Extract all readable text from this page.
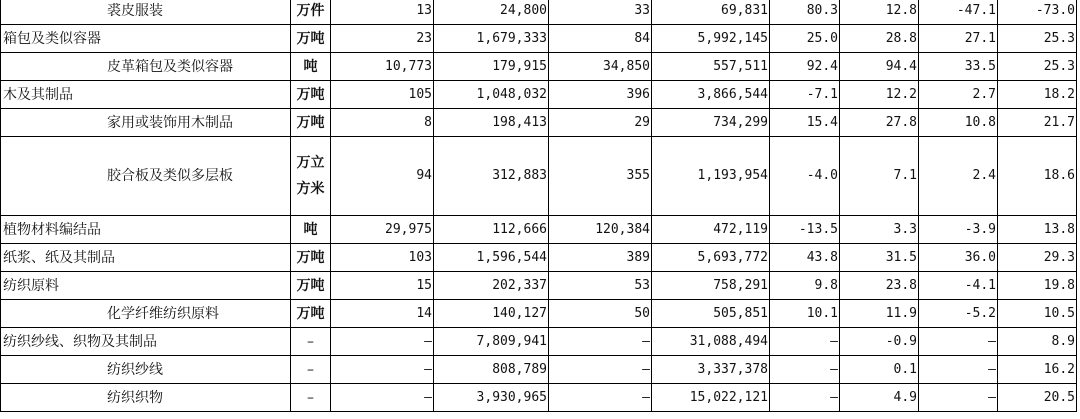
裘皮服装	万件	13	24,800	33	69,831	80.3	12.8	-47.1	-73.0
箱包及类似容器	万吨	23	1,679,333	84	5,992,145	25.0	28.8	27.1	25.3
皮革箱包及类似容器	吨	10,773	179,915	34,850	557,511	92.4	94.4	33.5	25.3
木及其制品	万吨	105	1,048,032	396	3,866,544	-7.1	12.2	2.7	18.2
家用或装饰用木制品	万吨	8	198,413	29	734,299	15.4	27.8	10.8	21.7
胶合板及类似多层板	万立方米	94	312,883	355	1,193,954	-4.0	7.1	2.4	18.6
植物材料编结品	吨	29,975	112,666	120,384	472,119	-13.5	3.3	-3.9	13.8
纸浆、纸及其制品	万吨	103	1,596,544	389	5,693,772	43.8	31.5	36.0	29.3
纺织原料	万吨	15	202,337	53	758,291	9.8	23.8	-4.1	19.8
化学纤维纺织原料	万吨	14	140,127	50	505,851	10.1	11.9	-5.2	10.5
纺织纱线、织物及其制品	–	–	7,809,941	–	31,088,494	–	-0.9	–	8.9
纺织纱线	–	–	808,789	–	3,337,378	–	0.1	–	16.2
纺织织物	–	–	3,930,965	–	15,022,121	–	4.9	–	20.5
